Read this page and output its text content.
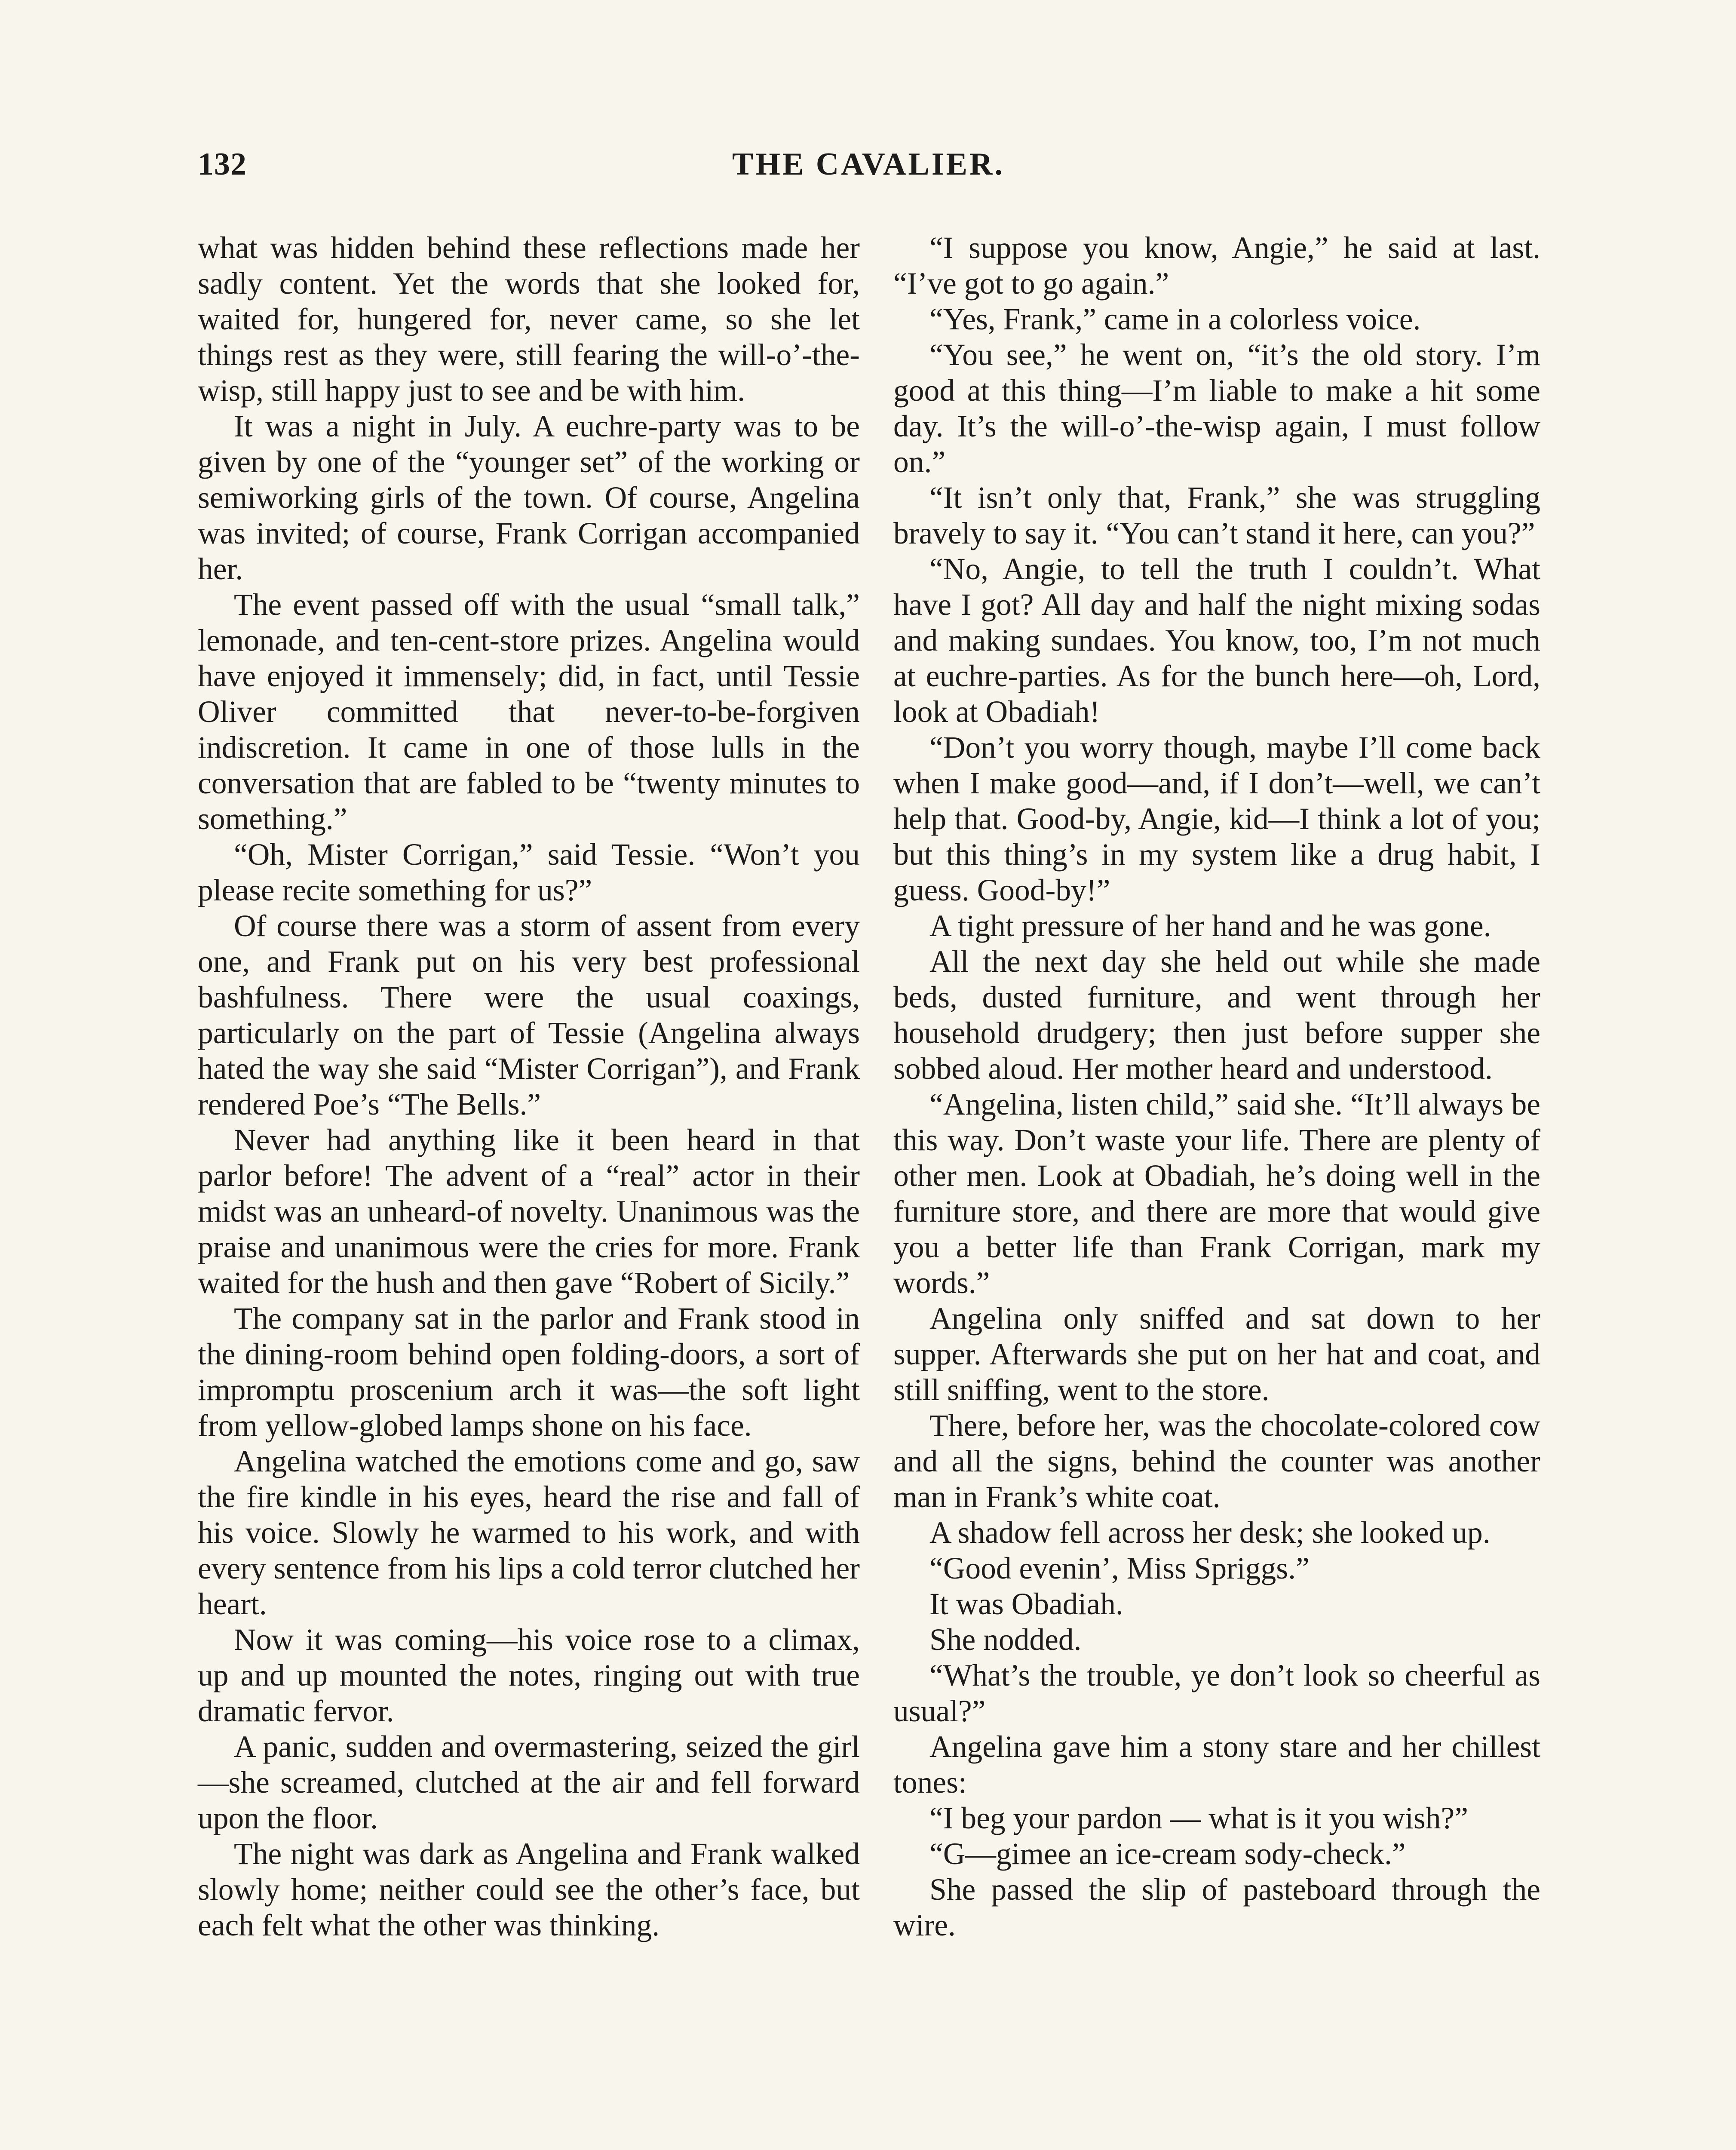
132	THE CAVALIER.

what was hidden behind these reflections made her sadly content. Yet the words that she looked for, waited for, hungered for, never came, so she let things rest as they were, still fearing the will-o’-the-wisp, still happy just to see and be with him.

It was a night in July. A euchre-party was to be given by one of the “younger set” of the working or semiworking girls of the town. Of course, Angelina was invited; of course, Frank Corrigan accompanied her.

The event passed off with the usual “small talk,” lemonade, and ten-cent-store prizes. Angelina would have enjoyed it immensely; did, in fact, until Tessie Oliver committed that never-to-be-forgiven indiscretion. It came in one of those lulls in the conversation that are fabled to be “twenty minutes to something.”

“Oh, Mister Corrigan,” said Tessie. “Won’t you please recite something for us?”

Of course there was a storm of assent from every one, and Frank put on his very best professional bashfulness. There were the usual coaxings, particularly on the part of Tessie (Angelina always hated the way she said “Mister Corrigan”), and Frank rendered Poe’s “The Bells.”

Never had anything like it been heard in that parlor before! The advent of a “real” actor in their midst was an unheard-of novelty. Unanimous was the praise and unanimous were the cries for more. Frank waited for the hush and then gave “Robert of Sicily.”

The company sat in the parlor and Frank stood in the dining-room behind open folding-doors, a sort of impromptu proscenium arch it was—the soft light from yellow-globed lamps shone on his face.

Angelina watched the emotions come and go, saw the fire kindle in his eyes, heard the rise and fall of his voice. Slowly he warmed to his work, and with every sentence from his lips a cold terror clutched her heart.

Now it was coming—his voice rose to a climax, up and up mounted the notes, ringing out with true dramatic fervor.

A panic, sudden and overmastering, seized the girl—she screamed, clutched at the air and fell forward upon the floor.

The night was dark as Angelina and Frank walked slowly home; neither could see the other’s face, but each felt what the other was thinking.

“I suppose you know, Angie,” he said at last. “I’ve got to go again.”

“Yes, Frank,” came in a colorless voice.

“You see,” he went on, “it’s the old story. I’m good at this thing—I’m liable to make a hit some day. It’s the will-o’-the-wisp again, I must follow on.”

“It isn’t only that, Frank,” she was struggling bravely to say it. “You can’t stand it here, can you?”

“No, Angie, to tell the truth I couldn’t. What have I got? All day and half the night mixing sodas and making sundaes. You know, too, I’m not much at euchre-parties. As for the bunch here—oh, Lord, look at Obadiah!

“Don’t you worry though, maybe I’ll come back when I make good—and, if I don’t—well, we can’t help that. Good-by, Angie, kid—I think a lot of you; but this thing’s in my system like a drug habit, I guess. Good-by!”

A tight pressure of her hand and he was gone.

All the next day she held out while she made beds, dusted furniture, and went through her household drudgery; then just before supper she sobbed aloud. Her mother heard and understood.

“Angelina, listen child,” said she. “It’ll always be this way. Don’t waste your life. There are plenty of other men. Look at Obadiah, he’s doing well in the furniture store, and there are more that would give you a better life than Frank Corrigan, mark my words.”

Angelina only sniffed and sat down to her supper. Afterwards she put on her hat and coat, and still sniffing, went to the store.

There, before her, was the chocolate-colored cow and all the signs, behind the counter was another man in Frank’s white coat.

A shadow fell across her desk; she looked up.

“Good evenin’, Miss Spriggs.”

It was Obadiah.

She nodded.

“What’s the trouble, ye don’t look so cheerful as usual?”

Angelina gave him a stony stare and her chillest tones:

“I beg your pardon — what is it you wish?”

“G—gimee an ice-cream sody-check.”

She passed the slip of pasteboard through the wire.
